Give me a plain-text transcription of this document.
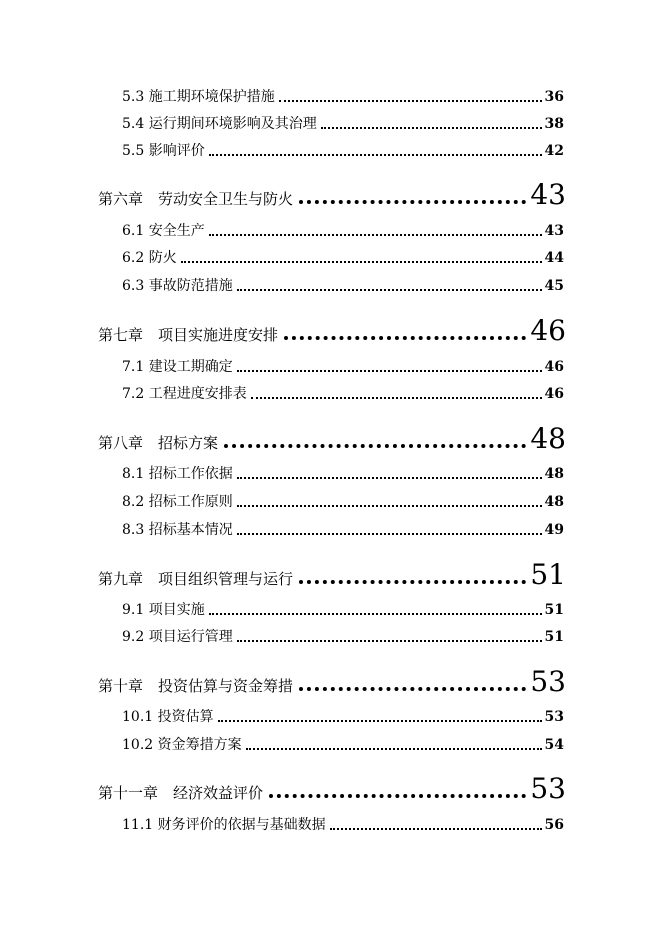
5.3 施工期环境保护措施	36
5.4 运行期间环境影响及其治理	38
5.5 影响评价	42
第六章　劳动安全卫生与防火	43
6.1 安全生产	43
6.2 防火	44
6.3 事故防范措施	45
第七章　项目实施进度安排	46
7.1 建设工期确定	46
7.2 工程进度安排表	46
第八章　招标方案	48
8.1 招标工作依据	48
8.2 招标工作原则	48
8.3 招标基本情况	49
第九章　项目组织管理与运行	51
9.1 项目实施	51
9.2 项目运行管理	51
第十章　投资估算与资金筹措	53
10.1 投资估算	53
10.2 资金筹措方案	54
第十一章　经济效益评价	53
11.1 财务评价的依据与基础数据	56
